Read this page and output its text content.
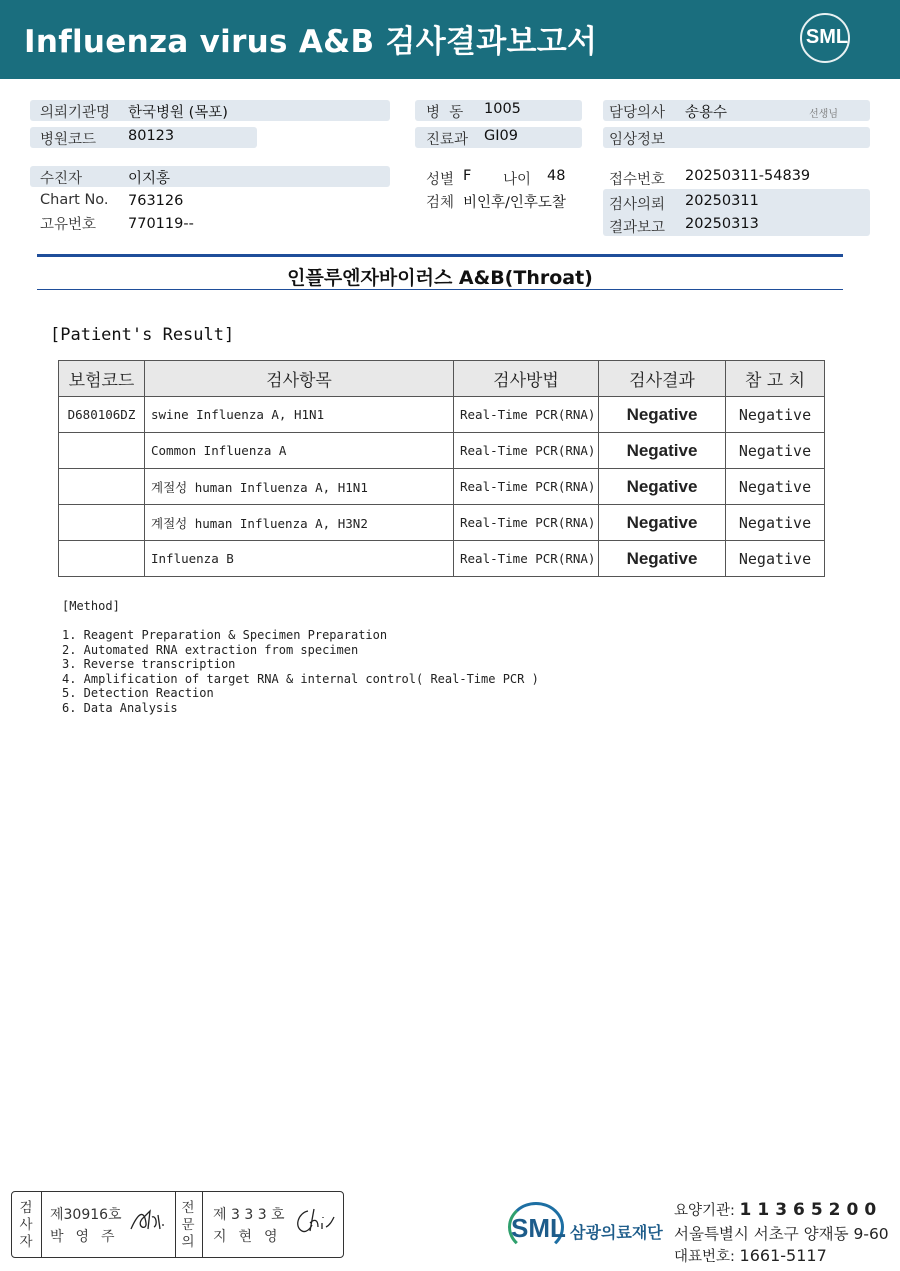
Influenza virus A&B 검사결과보고서	SML
의뢰기관명 한국병원 (목포)
병원코드 80123
수진자	이지홍
Chart No. 763126
고유번호 770119--
병  동 1005
진료과 GI09
성별 F 나이 48
검체 비인후/인후도찰
담당의사 송용수	선생님
임상정보
접수번호 20250311-54839
검사의뢰 20250311
결과보고 20250313
인플루엔자바이러스 A&B(Throat)
[Patient's Result]
보험코드	검사항목	검사방법	검사결과	참 고 치
D680106DZ	swine Influenza A, H1N1	Real-Time PCR(RNA)	Negative	Negative
	Common Influenza A	Real-Time PCR(RNA)	Negative	Negative
	계절성 human Influenza A, H1N1	Real-Time PCR(RNA)	Negative	Negative
	계절성 human Influenza A, H3N2	Real-Time PCR(RNA)	Negative	Negative
	Influenza B	Real-Time PCR(RNA)	Negative	Negative
[Method]
1. Reagent Preparation & Specimen Preparation
2. Automated RNA extraction from specimen
3. Reverse transcription
4. Amplification of target RNA & internal control( Real-Time PCR )
5. Detection Reaction
6. Data Analysis
검
사
자
제30916호
박영주
전
문
의
제 3 3 3 호
지현영	SML 삼광의료재단
요양기관: 11365200
서울특별시 서초구 양재동 9-60
대표번호: 1661-5117
